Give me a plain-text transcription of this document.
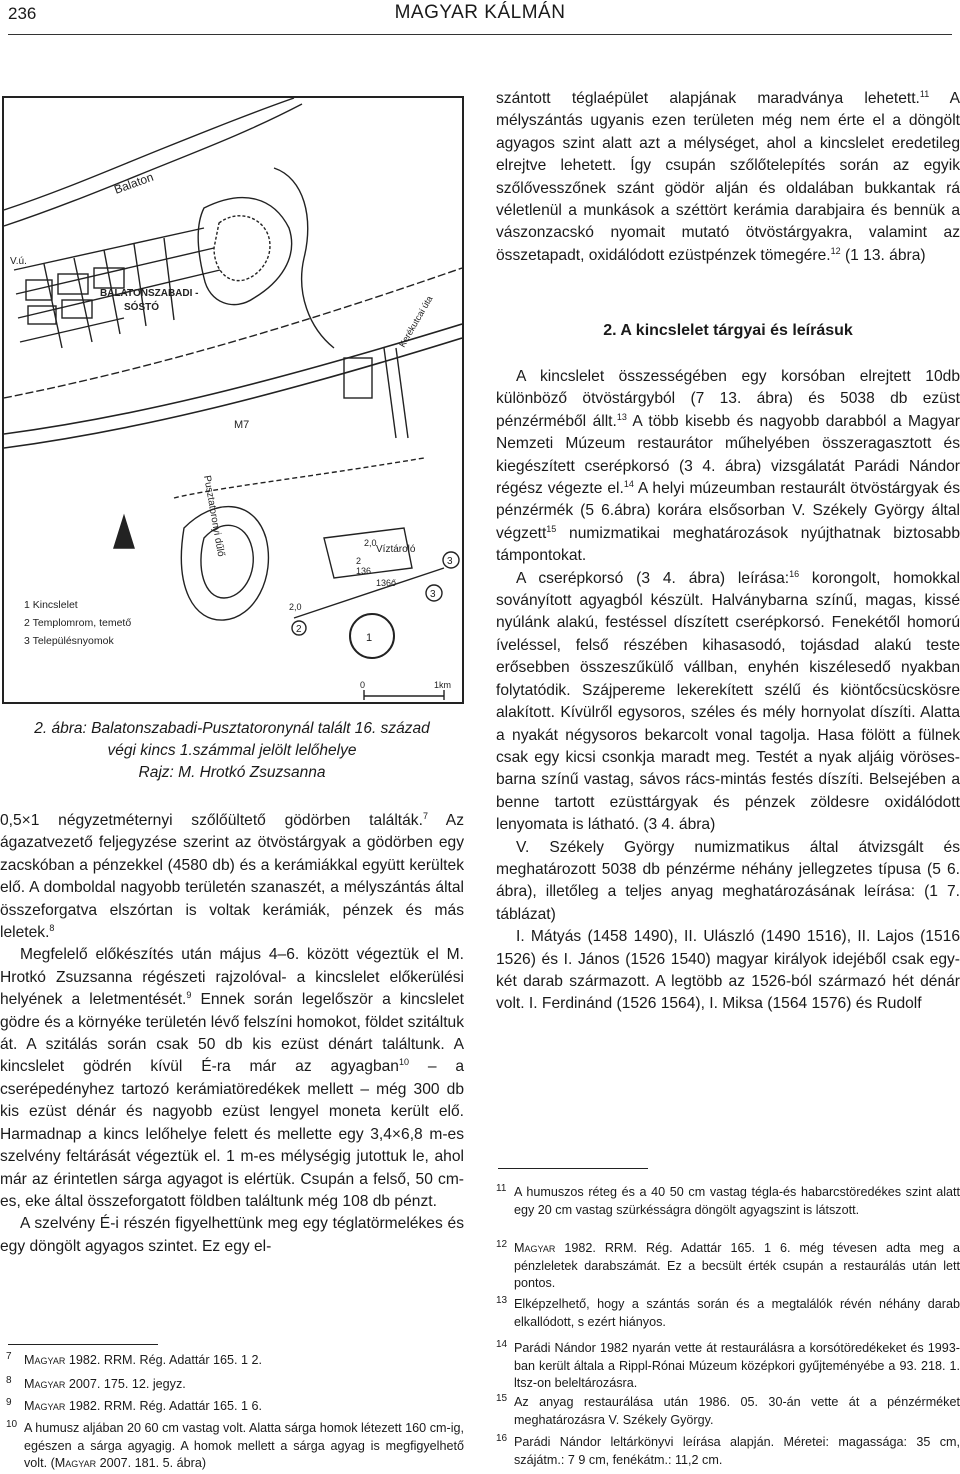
236	MAGYAR KÁLMÁN
Balaton
V.ú.
BALATONSZABADI -
SÓSTÓ	Kerékutcai úta
M7
Pusztatoronyi dűlő	Víztároló
136
136ő
2,0
2,0
1
2
3
3
2
1 Kincslelet
2 Templomrom, temető
3 Településnyomok
0	1km
2. ábra: Balatonszabadi-Pusztatoronynál talált 16. század
végi kincs 1.számmal jelölt lelőhelye
Rajz: M. Hrotkó Zsuzsanna

0,5×1 négyzetméternyi szőlőültető gödörben találták.$^7$ Az ágazatvezető feljegyzése szerint az ötvöstárgyak a gödörben egy zacskóban a pénzekkel (4580 db) és a kerámiákkal együtt kerültek elő. A domboldal nagyobb területén szanaszét, a mélyszántás által összeforgatva elszórtan is voltak kerámiák, pénzek és más leletek.$^8$

Megfelelő előkészítés után május 4–6. között végeztük el M. Hrotkó Zsuzsanna régészeti rajzolóval- a kincslelet előkerülési helyének a leletmentését.$^9$ Ennek során legelőször a kincslelet gödre és a környéke területén lévő felszíni homokot, földet szitáltuk át. A szitálás során csak 50 db kis ezüst dénárt találtunk. A kincslelet gödrén kívül É-ra már az agyagban$^{10}$ – a cserépedényhez tartozó kerámiatöredékek mellett – még 300 db kis ezüst dénár és nagyobb ezüst lengyel moneta került elő. Harmadnap a kincs lelőhelye felett és mellette egy 3,4×6,8 m-es szelvény feltárását végeztük el. 1 m-es mélységig jutottuk le, ahol már az érintetlen sárga agyagot is elértük. Csupán a felső, 50 cm-es, eke által összeforgatott földben találtunk még 108 db pénzt.

A szelvény É-i részén figyelhettünk meg egy téglatörmelékes és egy döngölt agyagos szintet. Ez egy el-

7 Magyar 1982. RRM. Rég. Adattár 165. 1 2.
8 Magyar 2007. 175. 12. jegyz.
9 Magyar 1982. RRM. Rég. Adattár 165. 1 6.
10 A humusz aljában 20 60 cm vastag volt. Alatta sárga homok létezett 160 cm-ig, egészen a sárga agyagig. A homok mellett a sárga agyag is megfigyelhető volt. (Magyar 2007. 181. 5. ábra)

szántott téglaépület alapjának maradványa lehetett.$^{11}$ A mélyszántás ugyanis ezen területen még nem érte el a döngölt agyagos szint alatt azt a mélységet, ahol a kincslelet eredetileg elrejtve lehetett. Így csupán szőlőtelepítés során az egyik szőlővesszőnek szánt gödör alján és oldalában bukkantak rá véletlenül a munkások a széttört kerámia darabjaira és bennük a vászonzacskó nyomait mutató ötvöstárgyakra, valamint az összetapadt, oxidálódott ezüstpénzek tömegére.$^{12}$ (1 13. ábra)

2. A kincslelet tárgyai és leírásuk

A kincslelet összességében egy korsóban elrejtett 10db különböző ötvöstárgyból (7 13. ábra) és 5038 db ezüst pénzérméből állt.$^{13}$ A több kisebb és nagyobb darabból a Magyar Nemzeti Múzeum restaurátor műhelyében összeragasztott és kiegészített cserépkorsó (3 4. ábra) vizsgálatát Parádi Nándor régész végezte el.$^{14}$ A helyi múzeumban restaurált ötvöstárgyak és pénzérmék (5 6.ábra) korára elsősorban V. Székely György által végzett$^{15}$ numizmatikai meghatározások nyújthatnak biztosabb támpontokat.

A cserépkorsó (3 4. ábra) leírása:$^{16}$ korongolt, homokkal soványított agyagból készült. Halványbarna színű, magas, kissé nyúlánk alakú, festéssel díszített cserépkorsó. Fenekétől homorú íveléssel, felső részében kihasasodó, tojásdad alakú teste erősebben összeszűkülő vállban, enyhén kiszélesedő nyakban folytatódik. Szájpereme lekerekített szélű és kiöntőcsücskösre alakított. Kívülről egysoros, széles és mély hornyolat díszíti. Alatta a nyakát négysoros bekarcolt vonal tagolja. Hasa fölött a fülnek csak egy kicsi csonkja maradt meg. Testét a nyak aljáig vöröses-barna színű vastag, sávos rács-mintás festés díszíti. Belsejében a benne tartott ezüsttárgyak és pénzek zöldesre oxidálódott lenyomata is látható. (3 4. ábra)

V. Székely György numizmatikus által átvizsgált és meghatározott 5038 db pénzérme néhány jellegzetes típusa (5 6. ábra), illetőleg a teljes anyag meghatározásának leírása: (1 7. táblázat)

I. Mátyás (1458 1490), II. Ulászló (1490 1516), II. Lajos (1516 1526) és I. János (1526 1540) magyar királyok idejéből csak egy-két darab származott. A legtöbb az 1526-ból származó hét dénár volt. I. Ferdinánd (1526 1564), I. Miksa (1564 1576) és Rudolf

11 A humuszos réteg és a 40 50 cm vastag tégla-és habarcstöredékes szint alatt egy 20 cm vastag szürkésságra döngölt agyagszint is látszott.
12 Magyar 1982. RRM. Rég. Adattár 165. 1 6. még tévesen adta meg a pénzleletek darabszámát. Ez a becsült érték csupán a restaurálás után lett pontos.
13 Elképzelhető, hogy a szántás során és a megtalálók révén néhány darab elkallódott, s ezért hiányos.
14 Parádi Nándor 1982 nyarán vette át restaurálásra a korsótöredékeket és 1993-ban került általa a Rippl-Rónai Múzeum középkori gyűjteményébe a 93. 218. 1. ltsz-on beleltározásra.
15 Az anyag restaurálása után 1986. 05. 30-án vette át a pénzérméket meghatározásra V. Székely György.
16 Parádi Nándor leltárkönyvi leírása alapján. Méretei: magassága: 35 cm, szájátm.: 7 9 cm, fenékátm.: 11,2 cm.
